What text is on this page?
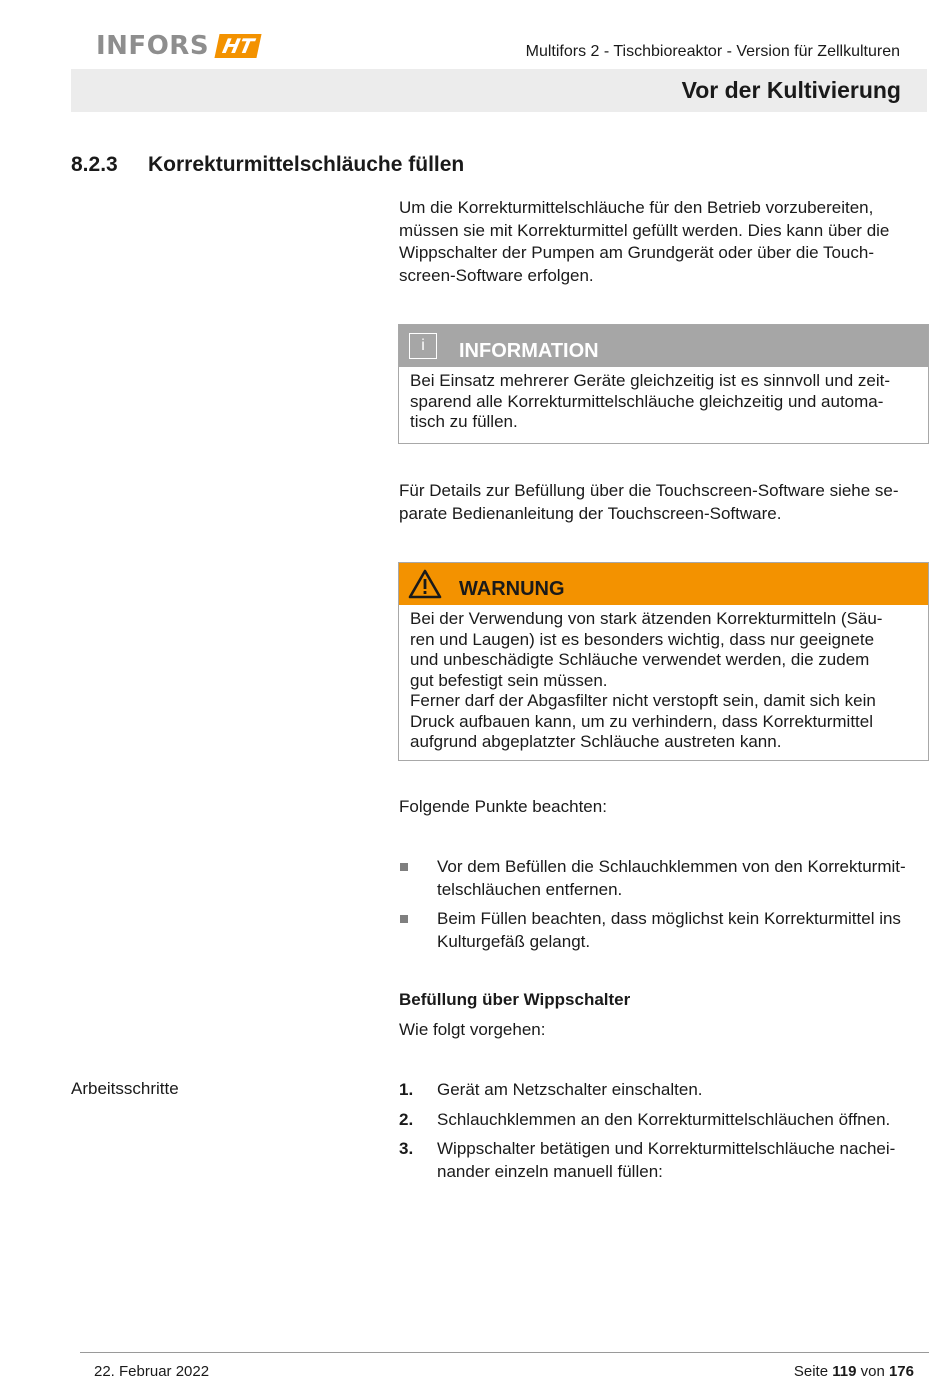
INFORS HT	Multifors 2 - Tischbioreaktor - Version für Zellkulturen
Vor der Kultivierung
8.2.3 Korrekturmittelschläuche füllen

Um die Korrekturmittelschläuche für den Betrieb vorzubereiten,

müssen sie mit Korrekturmittel gefüllt werden. Dies kann über die

Wippschalter der Pumpen am Grundgerät oder über die Touch-

screen-Software erfolgen.

i	INFORMATION

Bei Einsatz mehrerer Geräte gleichzeitig ist es sinnvoll und zeit-

sparend alle Korrekturmittelschläuche gleichzeitig und automa-

tisch zu füllen.

Für Details zur Befüllung über die Touchscreen-Software siehe se-

parate Bedienanleitung der Touchscreen-Software.

WARNUNG

Bei der Verwendung von stark ätzenden Korrekturmitteln (Säu-

ren und Laugen) ist es besonders wichtig, dass nur geeignete

und unbeschädigte Schläuche verwendet werden, die zudem

gut befestigt sein müssen.

Ferner darf der Abgasfilter nicht verstopft sein, damit sich kein

Druck aufbauen kann, um zu verhindern, dass Korrekturmittel

aufgrund abgeplatzter Schläuche austreten kann.

Folgende Punkte beachten:
Vor dem Befüllen die Schlauchklemmen von den Korrekturmit-
telschläuchen entfernen.
Beim Füllen beachten, dass möglichst kein Korrekturmittel ins
Kulturgefäß gelangt.
Befüllung über Wippschalter
Wie folgt vorgehen:
Arbeitsschritte	1. Gerät am Netzschalter einschalten.
2. Schlauchklemmen an den Korrekturmittelschläuchen öffnen.
3. Wippschalter betätigen und Korrekturmittelschläuche nachei-
nander einzeln manuell füllen:
22. Februar 2022	Seite 119 von 176
